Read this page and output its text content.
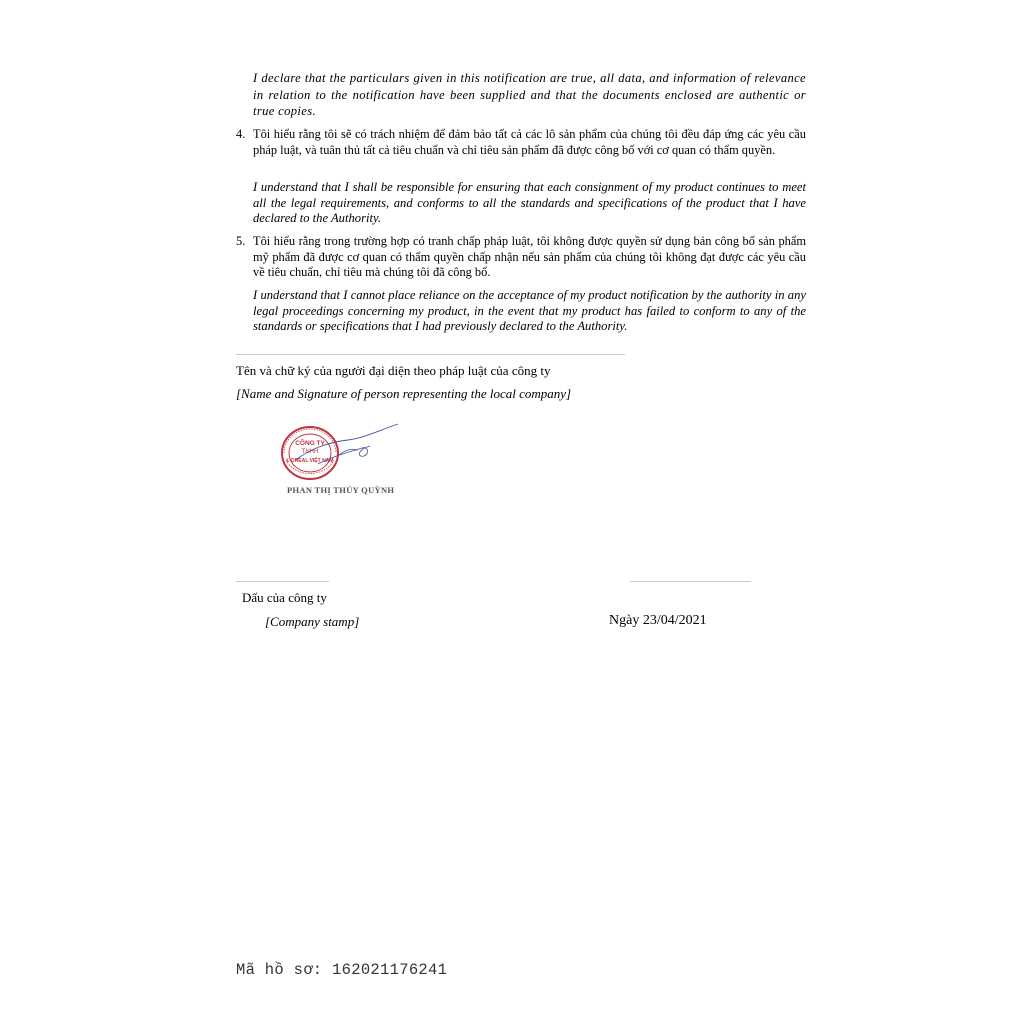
I declare that the particulars given in this notification are true, all data, and information of relevance in relation to the notification have been supplied and that the documents enclosed are authentic or true copies.

4. Tôi hiểu rằng tôi sẽ có trách nhiệm để đảm bảo tất cả các lô sản phẩm của chúng tôi đều đáp ứng các yêu cầu pháp luật, và tuân thủ tất cả tiêu chuẩn và chỉ tiêu sản phẩm đã được công bố với cơ quan có thẩm quyền.

I understand that I shall be responsible for ensuring that each consignment of my product continues to meet all the legal requirements, and conforms to all the standards and specifications of the product that I have declared to the Authority.

5. Tôi hiểu rằng trong trường hợp có tranh chấp pháp luật, tôi không được quyền sử dụng bản công bố sản phẩm mỹ phẩm đã được cơ quan có thẩm quyền chấp nhận nếu sản phẩm của chúng tôi không đạt được các yêu cầu về tiêu chuẩn, chỉ tiêu mà chúng tôi đã công bố.

I understand that I cannot place reliance on the acceptance of my product notification by the authority in any legal proceedings concerning my product, in the event that my product has failed to conform to any of the standards or specifications that I had previously declared to the Authority.

Tên và chữ ký của người đại diện theo pháp luật của công ty
[Name and Signature of person representing the local company]
CÔNG TY
TNHH
L'OREAL VIỆT NAM
PHAN THỊ THÚY QUỲNH
Dấu của công ty
[Company stamp]	Ngày 23/04/2021
Mã hồ sơ: 162021176241
